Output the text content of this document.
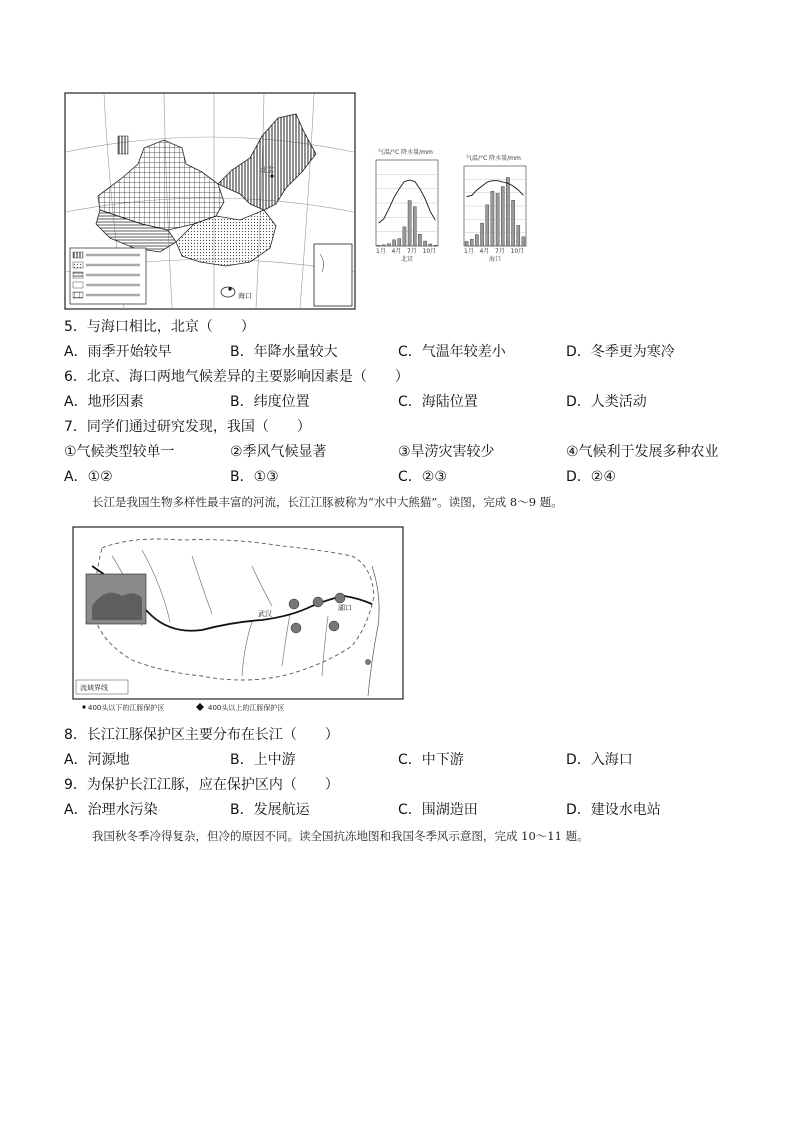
海口
北京
气温/°C 降水量/mm
1月 4月 7月 10月
北京
气温/°C 降水量/mm
1月 4月 7月 10月
海口
5．与海口相比，北京（　　）
A．雨季开始较早	B．年降水量较大	C．气温年较差小	D．冬季更为寒冷
6．北京、海口两地气候差异的主要影响因素是（　　）
A．地形因素	B．纬度位置	C．海陆位置	D．人类活动
7．同学们通过研究发现，我国（　　）
①气候类型较单一	②季风气候显著	③旱涝灾害较少	④气候利于发展多种农业
A．①②	B．①③	C．②③	D．②④
长江是我国生物多样性最丰富的河流，长江江豚被称为“水中大熊猫”。读图，完成 8～9 题。
武汉
湖口
流域界线
400头以下的江豚保护区	400头以上的江豚保护区
8．长江江豚保护区主要分布在长江（　　）
A．河源地	B．上中游	C．中下游	D．入海口
9．为保护长江江豚，应在保护区内（　　）
A．治理水污染	B．发展航运	C．围湖造田	D．建设水电站
我国秋冬季冷得复杂，但冷的原因不同。读全国抗冻地图和我国冬季风示意图，完成 10～11 题。
